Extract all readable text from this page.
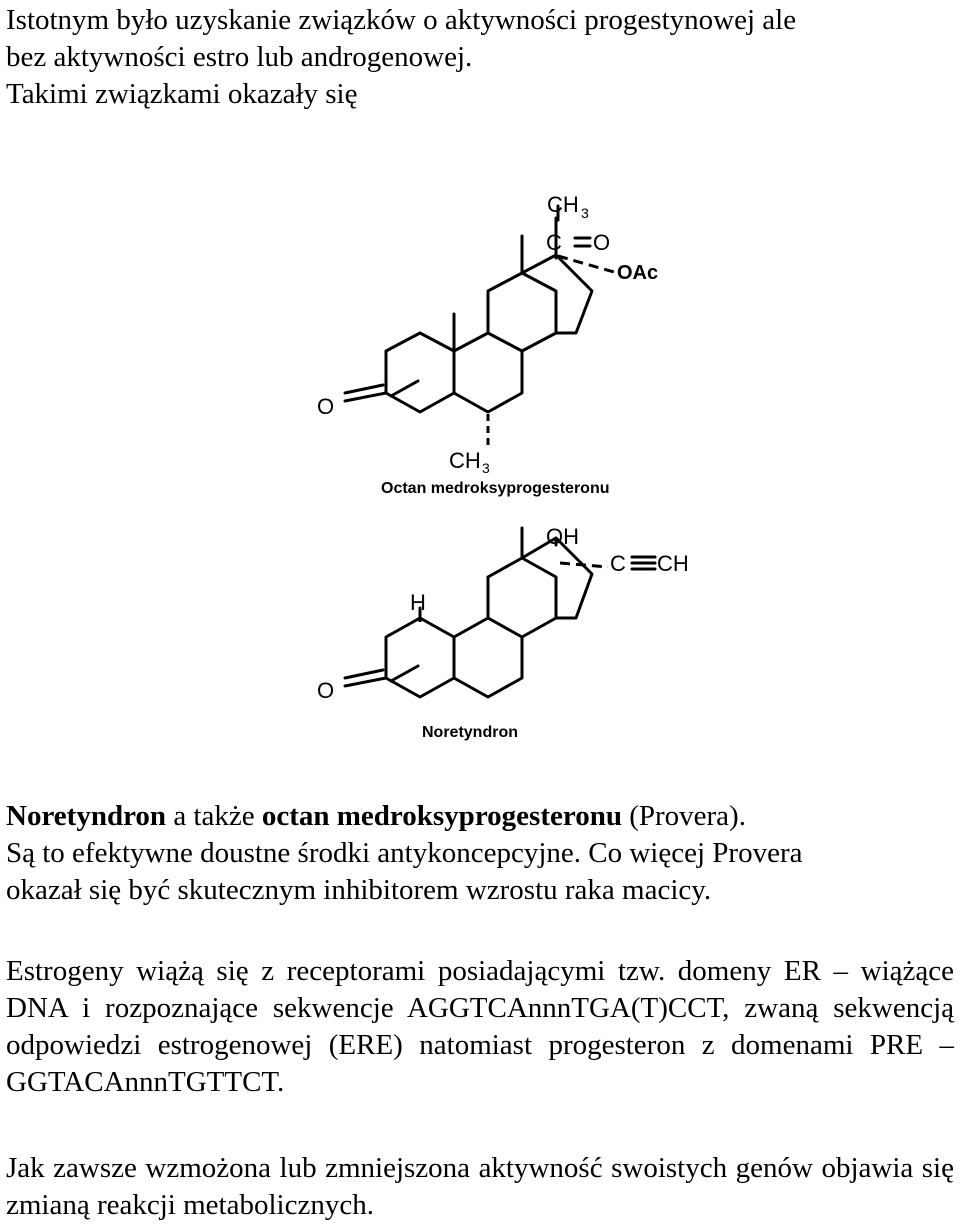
Istotnym było uzyskanie związków o aktywności progestynowej ale
bez aktywności estro lub androgenowej.
Takimi związkami okazały się
CH 3
C O
OAc
O
CH 3
Octan medroksyprogesteronu
OH
C CH
H
O
Noretyndron
Noretyndron a także octan medroksyprogesteronu (Provera).
Są to efektywne doustne środki antykoncepcyjne. Co więcej Provera
okazał się być skutecznym inhibitorem wzrostu raka macicy.

Estrogeny wiążą się z receptorami posiadającymi tzw. domeny ER – wiążące DNA i rozpoznające sekwencje AGGTCAnnnTGA(T)CCT, zwaną sekwencją odpowiedzi estrogenowej (ERE) natomiast progesteron z domenami PRE – GGTACAnnnTGTTCT.

Jak zawsze wzmożona lub zmniejszona aktywność swoistych genów objawia się zmianą reakcji metabolicznych.
